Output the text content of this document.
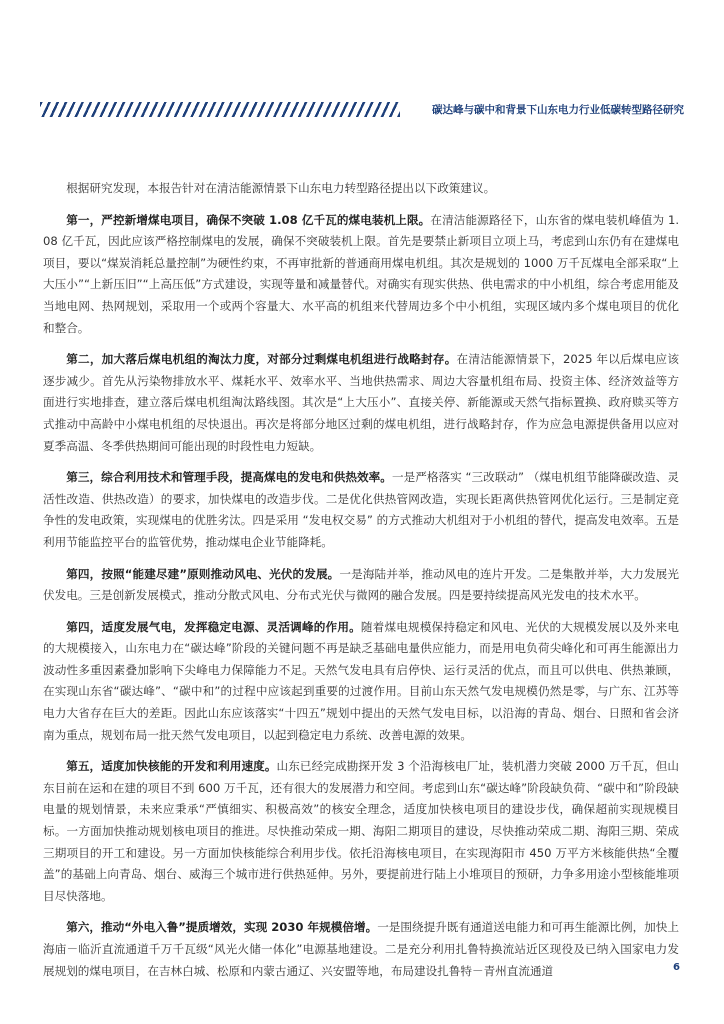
碳达峰与碳中和背景下山东电力行业低碳转型路径研究

根据研究发现，本报告针对在清洁能源情景下山东电力转型路径提出以下政策建议。

第一，严控新增煤电项目，确保不突破 1.08 亿千瓦的煤电装机上限。在清洁能源路径下，山东省的煤电装机峰值为 1.08 亿千瓦，因此应该严格控制煤电的发展，确保不突破装机上限。首先是要禁止新项目立项上马，考虑到山东仍有在建煤电项目，要以“煤炭消耗总量控制”为硬性约束，不再审批新的普通商用煤电机组。其次是规划的 1000 万千瓦煤电全部采取“上大压小”“上新压旧”“上高压低”方式建设，实现等量和减量替代。对确实有现实供热、供电需求的中小机组，综合考虑用能及当地电网、热网规划，采取用一个或两个容量大、水平高的机组来代替周边多个中小机组，实现区域内多个煤电项目的优化和整合。

第二，加大落后煤电机组的淘汰力度，对部分过剩煤电机组进行战略封存。在清洁能源情景下，2025 年以后煤电应该逐步减少。首先从污染物排放水平、煤耗水平、效率水平、当地供热需求、周边大容量机组布局、投资主体、经济效益等方面进行实地排查，建立落后煤电机组淘汰路线图。其次是“上大压小”、直接关停、新能源或天然气指标置换、政府赎买等方式推动中高龄中小煤电机组的尽快退出。再次是将部分地区过剩的煤电机组，进行战略封存，作为应急电源提供备用以应对夏季高温、冬季供热期间可能出现的时段性电力短缺。

第三，综合利用技术和管理手段，提高煤电的发电和供热效率。一是严格落实 “三改联动” （煤电机组节能降碳改造、灵活性改造、供热改造）的要求，加快煤电的改造步伐。二是优化供热管网改造，实现长距离供热管网优化运行。三是制定竞争性的发电政策，实现煤电的优胜劣汰。四是采用 “发电权交易” 的方式推动大机组对于小机组的替代，提高发电效率。五是利用节能监控平台的监管优势，推动煤电企业节能降耗。

第四，按照“能建尽建”原则推动风电、光伏的发展。一是海陆并举，推动风电的连片开发。二是集散并举，大力发展光伏发电。三是创新发展模式，推动分散式风电、分布式光伏与微网的融合发展。四是要持续提高风光发电的技术水平。

第四，适度发展气电，发挥稳定电源、灵活调峰的作用。随着煤电规模保持稳定和风电、光伏的大规模发展以及外来电的大规模接入，山东电力在“碳达峰”阶段的关键问题不再是缺乏基础电量供应能力，而是用电负荷尖峰化和可再生能源出力波动性多重因素叠加影响下尖峰电力保障能力不足。天然气发电具有启停快、运行灵活的优点，而且可以供电、供热兼顾，在实现山东省“碳达峰”、“碳中和”的过程中应该起到重要的过渡作用。目前山东天然气发电规模仍然是零，与广东、江苏等电力大省存在巨大的差距。因此山东应该落实“十四五”规划中提出的天然气发电目标，以沿海的青岛、烟台、日照和省会济南为重点，规划布局一批天然气发电项目，以起到稳定电力系统、改善电源的效果。

第五，适度加快核能的开发和利用速度。山东已经完成勘探开发 3 个沿海核电厂址，装机潜力突破 2000 万千瓦，但山东目前在运和在建的项目不到 600 万千瓦，还有很大的发展潜力和空间。考虑到山东“碳达峰”阶段缺负荷、“碳中和”阶段缺电量的规划情景，未来应秉承“严慎细实、积极高效”的核安全理念，适度加快核电项目的建设步伐，确保超前实现规模目标。一方面加快推动规划核电项目的推进。尽快推动荣成一期、海阳二期项目的建设，尽快推动荣成二期、海阳三期、荣成三期项目的开工和建设。另一方面加快核能综合利用步伐。依托沿海核电项目，在实现海阳市 450 万平方米核能供热“全覆盖”的基础上向青岛、烟台、威海三个城市进行供热延伸。另外，要提前进行陆上小堆项目的预研，力争多用途小型核能堆项目尽快落地。

第六，推动“外电入鲁”提质增效，实现 2030 年规模倍增。一是围绕提升既有通道送电能力和可再生能源比例，加快上海庙－临沂直流通道千万千瓦级“风光火储一体化”电源基地建设。二是充分利用扎鲁特换流站近区现役及已纳入国家电力发展规划的煤电项目，在吉林白城、松原和内蒙古通辽、兴安盟等地，布局建设扎鲁特－青州直流通道	6
